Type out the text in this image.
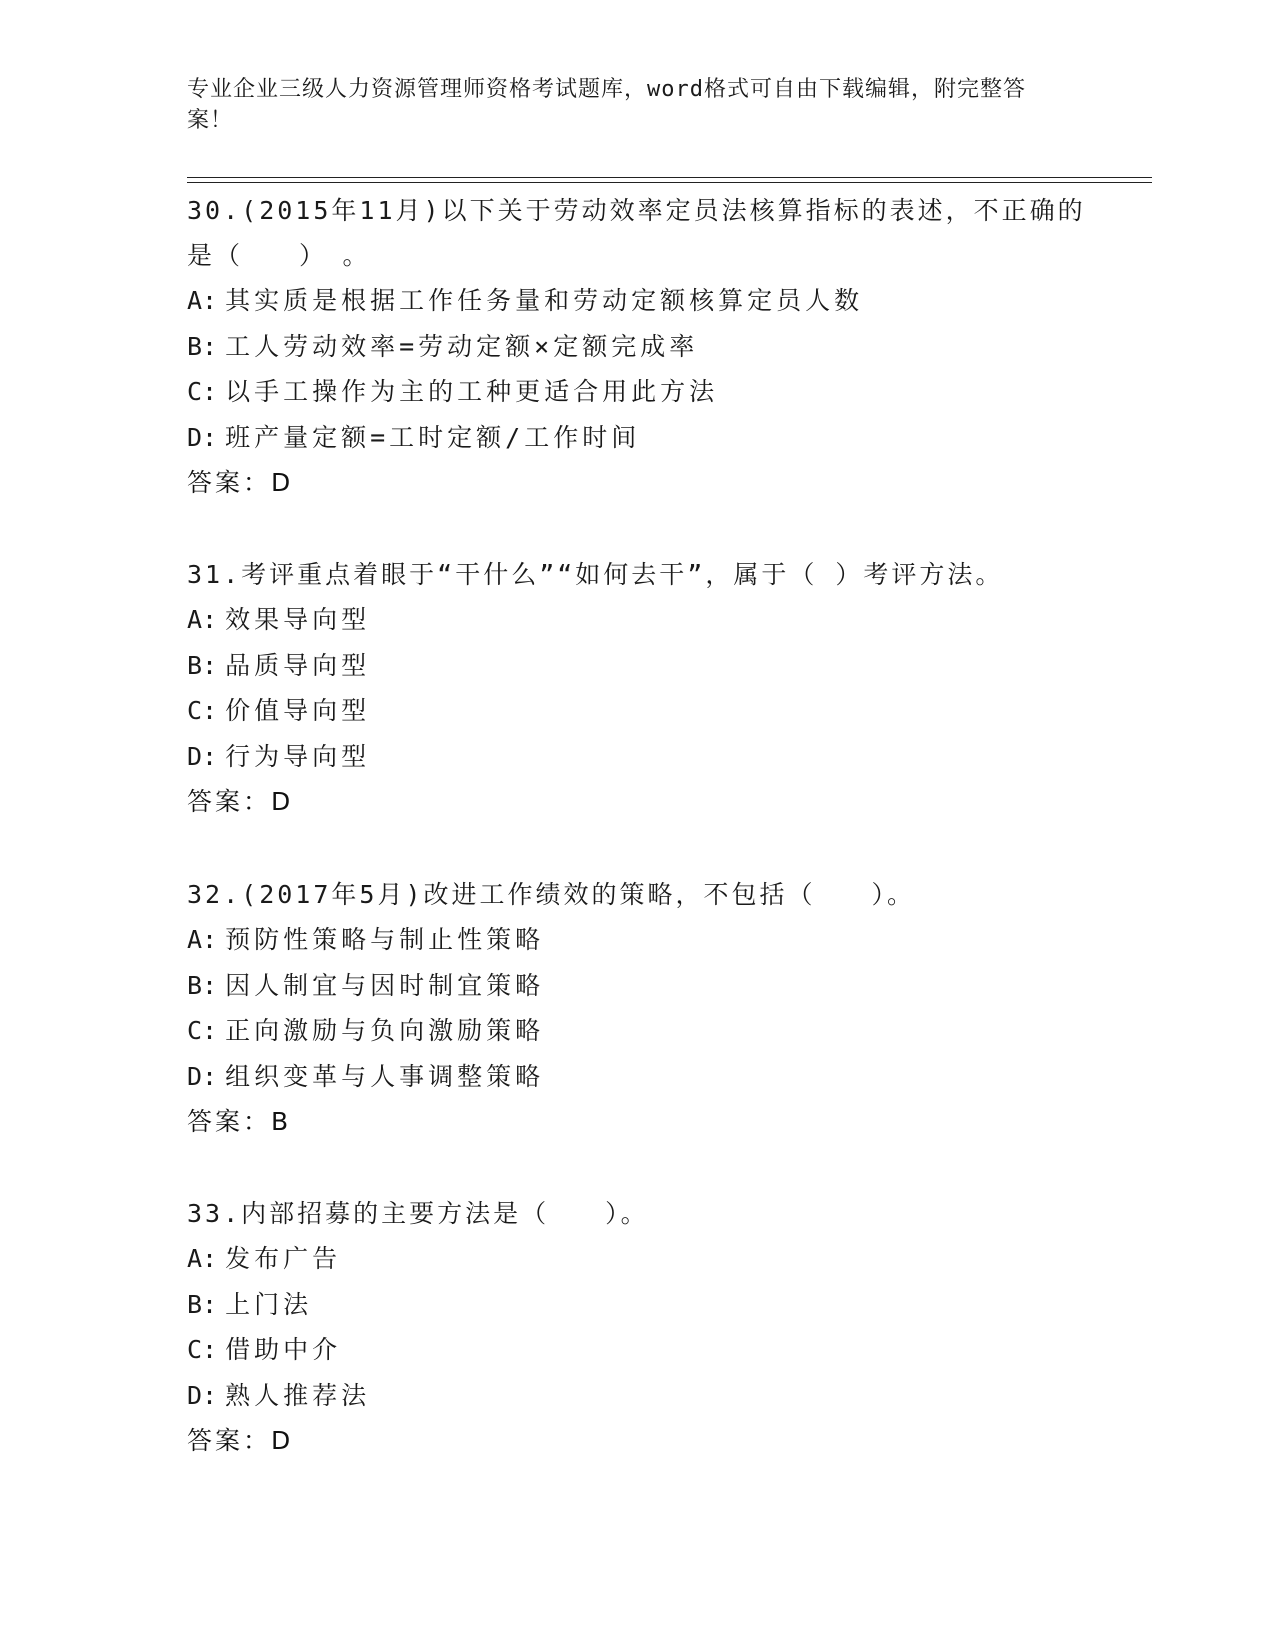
专业企业三级人力资源管理师资格考试题库，word格式可自由下载编辑，附完整答案！

30.(2015年11月)以下关于劳动效率定员法核算指标的表述，不正确的是（　　）　。

A: 其实质是根据工作任务量和劳动定额核算定员人数

B: 工人劳动效率=劳动定额×定额完成率

C: 以手工操作为主的工种更适合用此方法

D: 班产量定额=工时定额/工作时间

答案：D

31.考评重点着眼于“干什么”“如何去干”，属于（ ）考评方法。

A: 效果导向型

B: 品质导向型

C: 价值导向型

D: 行为导向型

答案：D

32.(2017年5月)改进工作绩效的策略，不包括（　　）。

A: 预防性策略与制止性策略

B: 因人制宜与因时制宜策略

C: 正向激励与负向激励策略

D: 组织变革与人事调整策略

答案：B

33.内部招募的主要方法是（　　）。

A: 发布广告

B: 上门法

C: 借助中介

D: 熟人推荐法

答案：D
